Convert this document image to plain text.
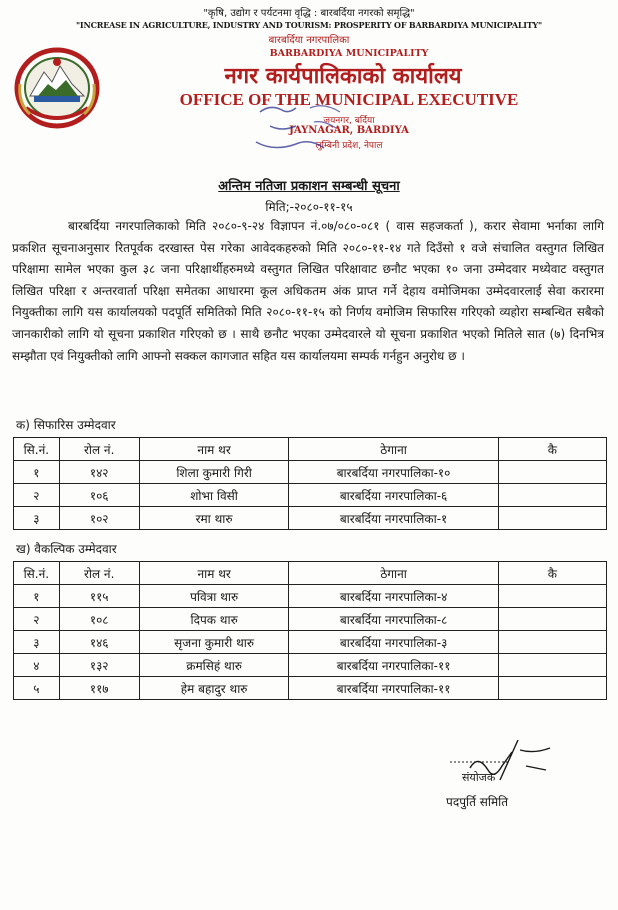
"कृषि, उद्योग र पर्यटनमा वृद्धि : बारबर्दिया नगरको समृद्धि"
"INCREASE IN AGRICULTURE, INDUSTRY AND TOURISM: PROSPERITY OF BARBARDIYA MUNICIPALITY"
बारबर्दिया नगरपालिका
BARBARDIYA MUNICIPALITY
नगर कार्यपालिकाको कार्यालय
OFFICE OF THE MUNICIPAL EXECUTIVE
जयनगर, बर्दिया
JAYNAGAR, BARDIYA
लुम्बिनी प्रदेश, नेपाल
अन्तिम नतिजा प्रकाशन सम्बन्धी सूचना
मिति;-२०८०-११-१५
बारबर्दिया नगरपालिकाको मिति २०८०-९-२४ विज्ञापन नं.०७/०८०-०८१ ( वास सहजकर्ता ), करार सेवामा भर्नाका लागि प्रकशित सूचनाअनुसार रितपूर्वक दरखास्त पेस गरेका आवेदकहरुको मिति २०८०-११-१४ गते दिउँसो १ वजे संचालित वस्तुगत लिखित परिक्षामा सामेल भएका कुल ३८ जना परिक्षार्थीहरुमध्ये वस्तुगत लिखित परिक्षावाट छनौट भएका १० जना उम्मेदवार मध्येवाट वस्तुगत लिखित परिक्षा र अन्तरवार्ता परिक्षा समेतका आधारमा कूल अधिकतम अंक प्राप्त गर्ने देहाय वमोजिमका उम्मेदवारलाई सेवा करारमा नियुक्तीका लागि यस कार्यालयको पदपूर्ति समितिको मिति २०८०-११-१५ को निर्णय वमोजिम सिफारिस गरिएको व्यहोरा सम्बन्धित सबैको जानकारीको लागि यो सूचना प्रकाशित गरिएको छ । साथै छनौट भएका उम्मेदवारले यो सूचना प्रकाशित भएको मितिले सात (७) दिनभित्र सम्झौता एवं नियुक्तीको लागि आफ्नो सक्कल कागजात सहित यस कार्यालयमा सम्पर्क गर्नहुन अनुरोध छ ।
क) सिफारिस उम्मेदवार
सि.नं.	रोल नं.	नाम थर	ठेगाना	कै
१	१४२	शिला कुमारी गिरी	बारबर्दिया नगरपालिका-१०	
२	१०६	शोभा विसी	बारबर्दिया नगरपालिका-६	
३	१०२	रमा थारु	बारबर्दिया नगरपालिका-१	
ख) वैकल्पिक उम्मेदवार
सि.नं.	रोल नं.	नाम थर	ठेगाना	कै
१	११५	पवित्रा थारु	बारबर्दिया नगरपालिका-४	
२	१०८	दिपक थारु	बारबर्दिया नगरपालिका-८	
३	१४६	सृजना कुमारी थारु	बारबर्दिया नगरपालिका-३	
४	१३२	क्रमसिहं थारु	बारबर्दिया नगरपालिका-११	
५	११७	हेम बहादुर थारु	बारबर्दिया नगरपालिका-११	
संयोजक
पदपुर्ति समिति
